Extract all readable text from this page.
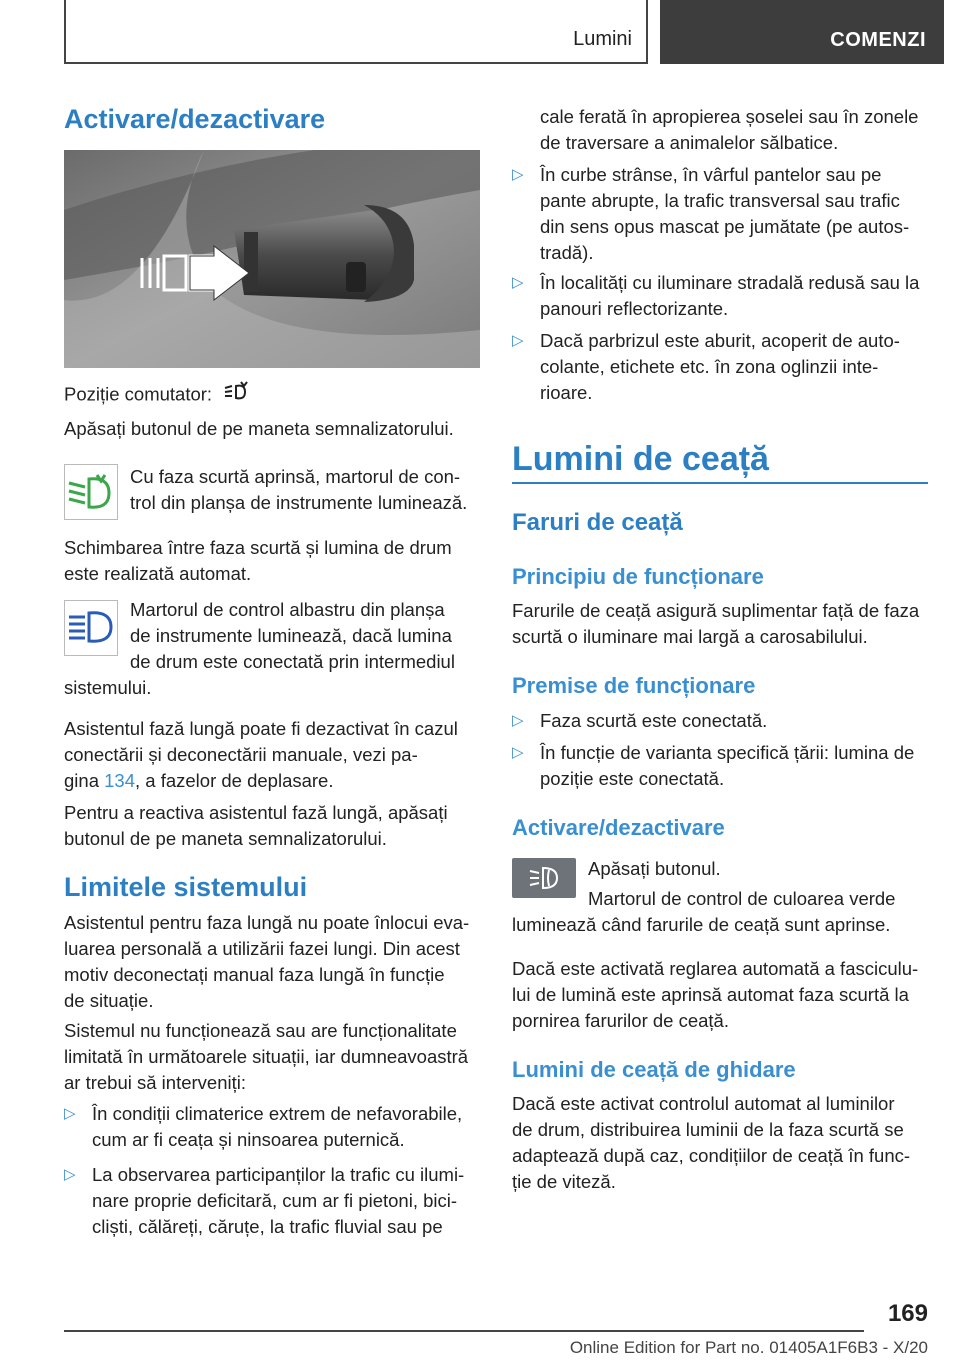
Lumini	COMENZI
Activare/dezactivare
Poziție comutator:
Apăsați butonul de pe maneta semnalizatorului.
Cu faza scurtă aprinsă, martorul de con-
trol din planșa de instrumente luminează.
Schimbarea între faza scurtă și lumina de drum
este realizată automat.
Martorul de control albastru din planșa
de instrumente luminează, dacă lumina
de drum este conectată prin intermediul
sistemului.
Asistentul fază lungă poate fi dezactivat în cazul
conectării și deconectării manuale, vezi pa-
gina 134, a fazelor de deplasare.
Pentru a reactiva asistentul fază lungă, apăsați
butonul de pe maneta semnalizatorului.
Limitele sistemului
Asistentul pentru faza lungă nu poate înlocui eva-
luarea personală a utilizării fazei lungi. Din acest
motiv deconectați manual faza lungă în funcție
de situație.
Sistemul nu funcționează sau are funcționalitate
limitată în următoarele situații, iar dumneavoastră
ar trebui să interveniți:
▷ În condiții climaterice extrem de nefavorabile,
cum ar fi ceața și ninsoarea puternică.
▷ La observarea participanților la trafic cu ilumi-
nare proprie deficitară, cum ar fi pietoni, bici-
cliști, călăreți, căruțe, la trafic fluvial sau pe
cale ferată în apropierea șoselei sau în zonele
de traversare a animalelor sălbatice.
▷ În curbe strânse, în vârful pantelor sau pe
pante abrupte, la trafic transversal sau trafic
din sens opus mascat pe jumătate (pe autos-
tradă).
▷ În localități cu iluminare stradală redusă sau la
panouri reflectorizante.
▷ Dacă parbrizul este aburit, acoperit de auto-
colante, etichete etc. în zona oglinzii inte-
rioare.
Lumini de ceață
Faruri de ceață
Principiu de funcționare
Farurile de ceață asigură suplimentar față de faza
scurtă o iluminare mai largă a carosabilului.
Premise de funcționare
▷ Faza scurtă este conectată.
▷ În funcție de varianta specifică țării: lumina de
poziție este conectată.
Activare/dezactivare
Apăsați butonul.
Martorul de control de culoarea verde
luminează când farurile de ceață sunt aprinse.
Dacă este activată reglarea automată a fasciculu-
lui de lumină este aprinsă automat faza scurtă la
pornirea farurilor de ceață.
Lumini de ceață de ghidare
Dacă este activat controlul automat al luminilor
de drum, distribuirea luminii de la faza scurtă se
adaptează după caz, condițiilor de ceață în func-
ție de viteză.
169
Online Edition for Part no. 01405A1F6B3 - X/20
